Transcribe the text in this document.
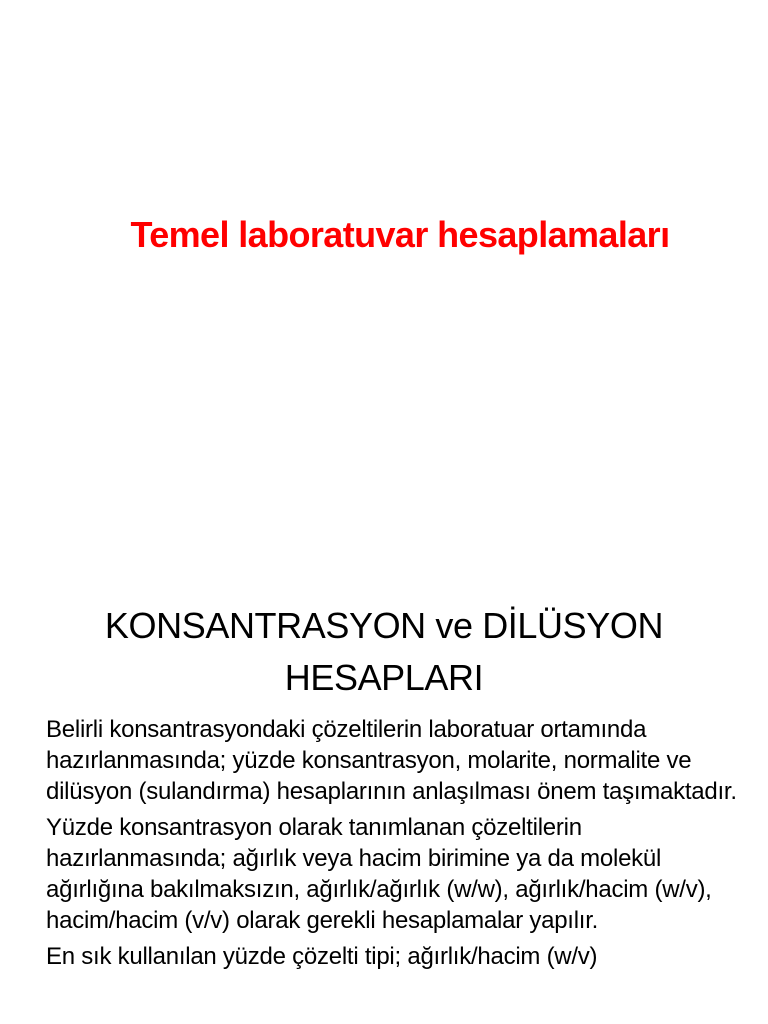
Temel laboratuvar hesaplamaları
KONSANTRASYON ve DİLÜSYON
HESAPLARI

Belirli konsantrasyondaki çözeltilerin laboratuar ortamında hazırlanmasında; yüzde konsantrasyon, molarite, normalite ve dilüsyon (sulandırma) hesaplarının anlaşılması önem taşımaktadır.

Yüzde konsantrasyon olarak tanımlanan çözeltilerin hazırlanmasında; ağırlık veya hacim birimine ya da molekül ağırlığına bakılmaksızın, ağırlık/ağırlık (w/w), ağırlık/hacim (w/v), hacim/hacim (v/v) olarak gerekli hesaplamalar yapılır.

En sık kullanılan yüzde çözelti tipi; ağırlık/hacim (w/v)
